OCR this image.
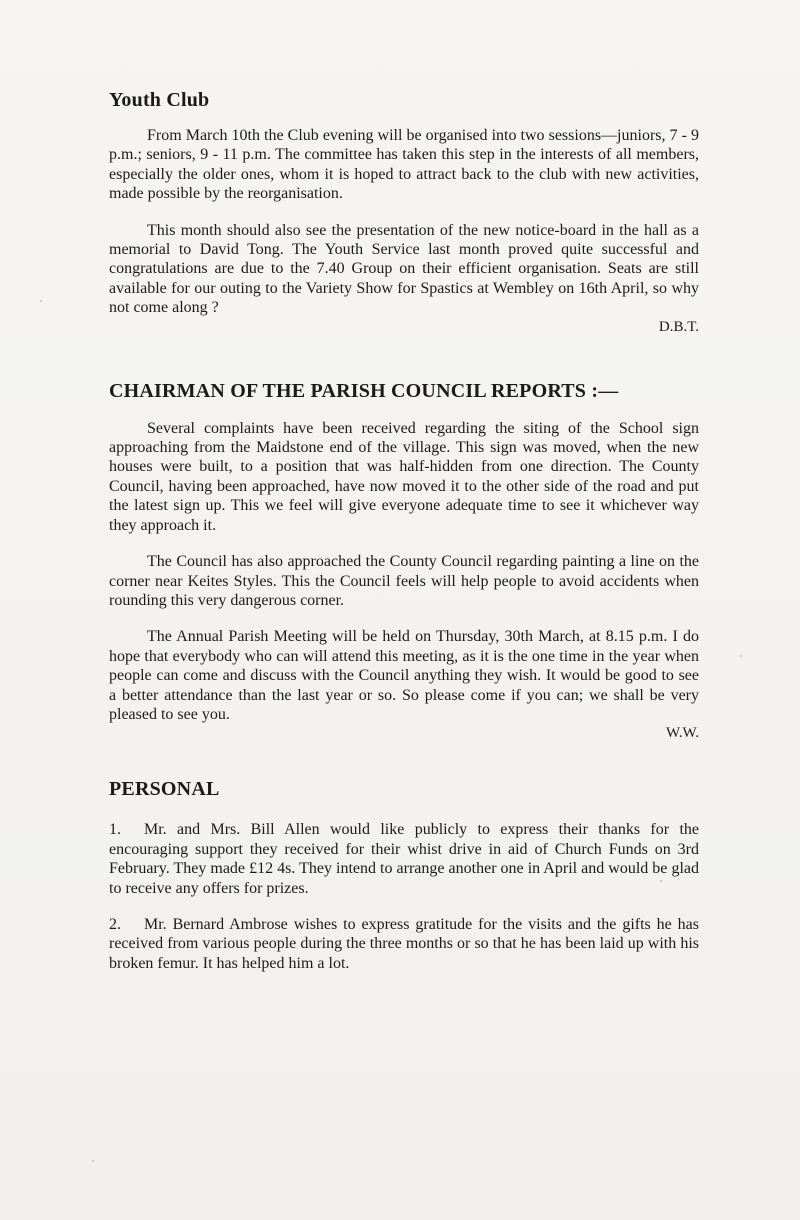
Youth Club

From March 10th the Club evening will be organised into two sessions—juniors, 7 - 9 p.m.; seniors, 9 - 11 p.m. The committee has taken this step in the interests of all members, especially the older ones, whom it is hoped to attract back to the club with new activities, made possible by the reorganisation.

This month should also see the presentation of the new notice-board in the hall as a memorial to David Tong. The Youth Service last month proved quite successful and congratulations are due to the 7.40 Group on their efficient organisation. Seats are still available for our outing to the Variety Show for Spastics at Wembley on 16th April, so why not come along ?

D.B.T.
CHAIRMAN OF THE PARISH COUNCIL REPORTS :—

Several complaints have been received regarding the siting of the School sign approaching from the Maidstone end of the village. This sign was moved, when the new houses were built, to a position that was half-hidden from one direction. The County Council, having been approached, have now moved it to the other side of the road and put the latest sign up. This we feel will give everyone adequate time to see it whichever way they approach it.

The Council has also approached the County Council regarding painting a line on the corner near Keites Styles. This the Council feels will help people to avoid accidents when rounding this very dangerous corner.

The Annual Parish Meeting will be held on Thursday, 30th March, at 8.15 p.m. I do hope that everybody who can will attend this meeting, as it is the one time in the year when people can come and discuss with the Council anything they wish. It would be good to see a better attendance than the last year or so. So please come if you can; we shall be very pleased to see you.

W.W.
PERSONAL

1. Mr. and Mrs. Bill Allen would like publicly to express their thanks for the encouraging support they received for their whist drive in aid of Church Funds on 3rd February. They made £12 4s. They intend to arrange another one in April and would be glad to receive any offers for prizes.

2. Mr. Bernard Ambrose wishes to express gratitude for the visits and the gifts he has received from various people during the three months or so that he has been laid up with his broken femur. It has helped him a lot.
